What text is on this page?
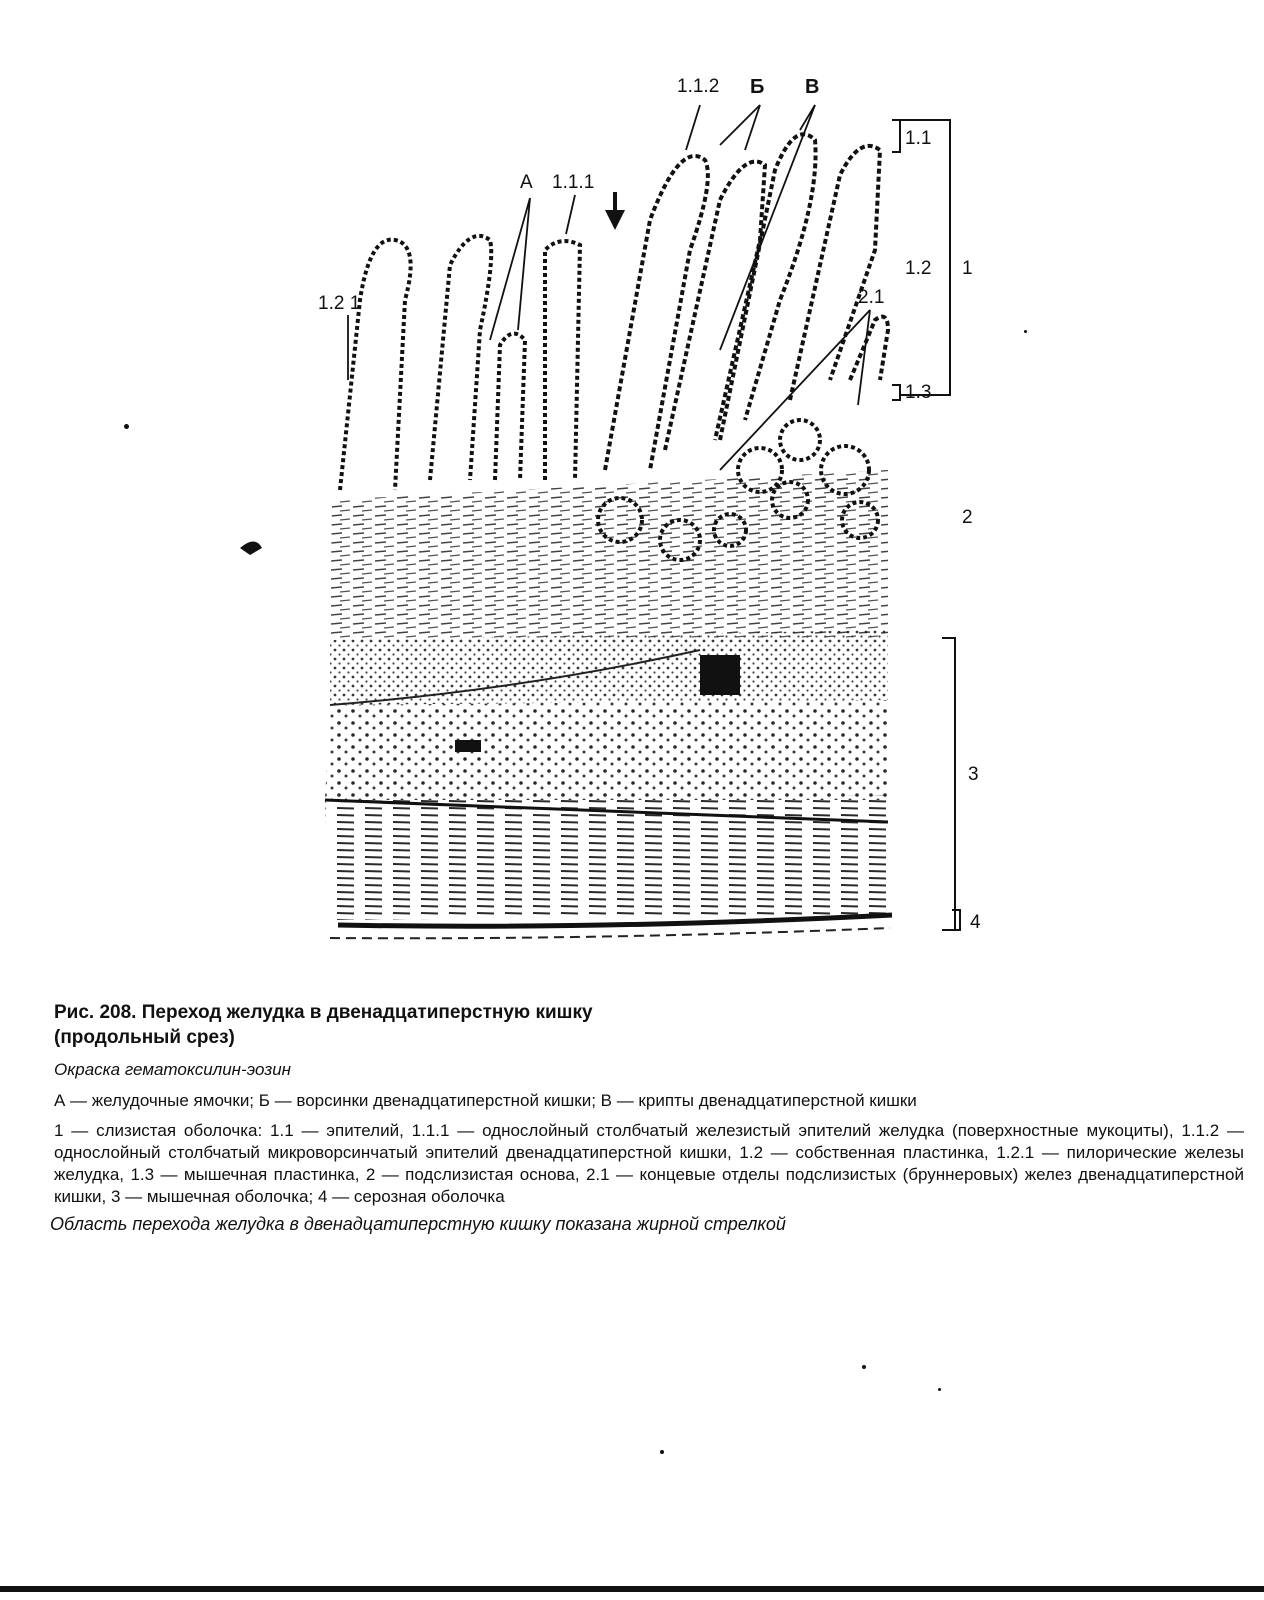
1.1.2 Б В
А 1.1.1
1.2 1
1.1
1.2
1.3
2.1
1
2
3
4

Рис. 208. Переход желудка в двенадцатиперстную кишку
(продольный срез)

Окраска гематоксилин-эозин

А — желудочные ямочки; Б — ворсинки двенадцатиперстной кишки; В — крипты двенадцатиперстной кишки

1 — слизистая оболочка: 1.1 — эпителий, 1.1.1 — однослойный столбчатый железистый эпителий желудка (поверхностные мукоциты), 1.1.2 — однослойный столбчатый микроворсинчатый эпителий двенадцатиперстной кишки, 1.2 — собственная пластинка, 1.2.1 — пилорические железы желудка, 1.3 — мышечная пластинка, 2 — подслизистая основа, 2.1 — концевые отделы подслизистых (бруннеровых) желез двенадцатиперстной кишки, 3 — мышечная оболочка; 4 — серозная оболочка

Область перехода желудка в двенадцатиперстную кишку показана жирной стрелкой
